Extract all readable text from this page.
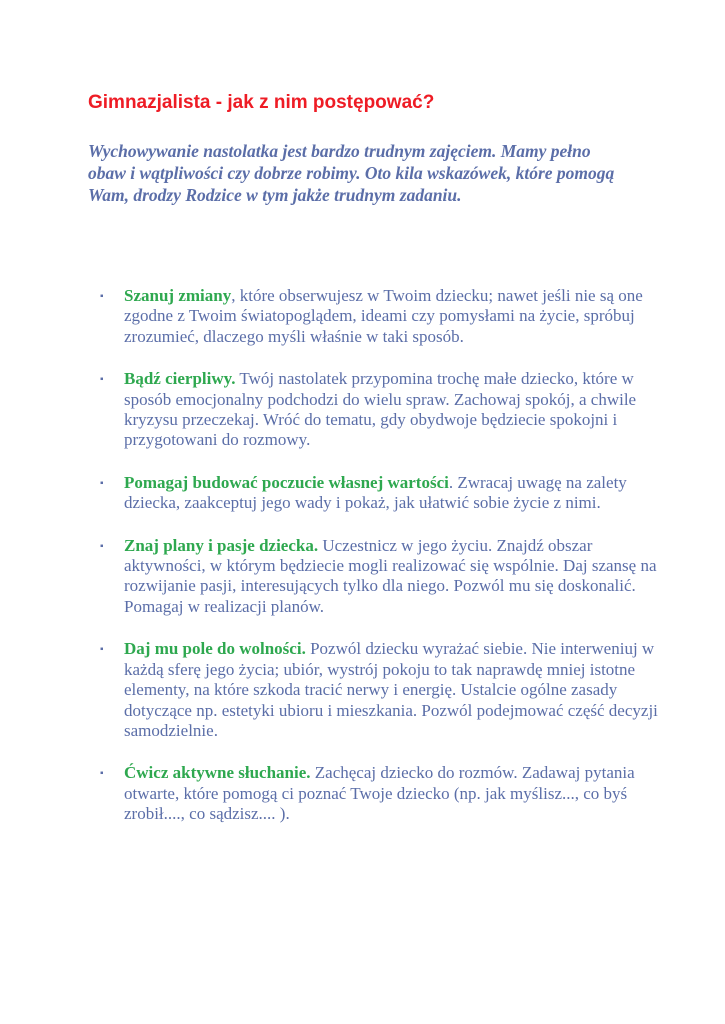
Gimnazjalista - jak z nim postępować?

Wychowywanie nastolatka jest bardzo trudnym zajęciem. Mamy pełno obaw i wątpliwości czy dobrze robimy. Oto kila wskazówek, które pomogą Wam, drodzy Rodzice w tym jakże trudnym zadaniu.

▪ Szanuj zmiany, które obserwujesz w Twoim dziecku; nawet jeśli nie są one zgodne z Twoim światopoglądem, ideami czy pomysłami na życie, spróbuj zrozumieć, dlaczego myśli właśnie w taki sposób.
▪ Bądź cierpliwy. Twój nastolatek przypomina trochę małe dziecko, które w sposób emocjonalny podchodzi do wielu spraw. Zachowaj spokój, a chwile kryzysu przeczekaj. Wróć do tematu, gdy obydwoje będziecie spokojni i przygotowani do rozmowy.
▪ Pomagaj budować poczucie własnej wartości. Zwracaj uwagę na zalety dziecka, zaakceptuj jego wady i pokaż, jak ułatwić sobie życie z nimi.
▪ Znaj plany i pasje dziecka. Uczestnicz w jego życiu. Znajdź obszar aktywności, w którym będziecie mogli realizować się wspólnie. Daj szansę na rozwijanie pasji, interesujących tylko dla niego. Pozwól mu się doskonalić. Pomagaj w realizacji planów.
▪ Daj mu pole do wolności. Pozwól dziecku wyrażać siebie. Nie interweniuj w każdą sferę jego życia; ubiór, wystrój pokoju to tak naprawdę mniej istotne elementy, na które szkoda tracić nerwy i energię. Ustalcie ogólne zasady dotyczące np. estetyki ubioru i mieszkania. Pozwól podejmować część decyzji samodzielnie.
▪ Ćwicz aktywne słuchanie. Zachęcaj dziecko do rozmów. Zadawaj pytania otwarte, które pomogą ci poznać Twoje dziecko (np. jak myślisz..., co byś zrobił...., co sądzisz.... ).
